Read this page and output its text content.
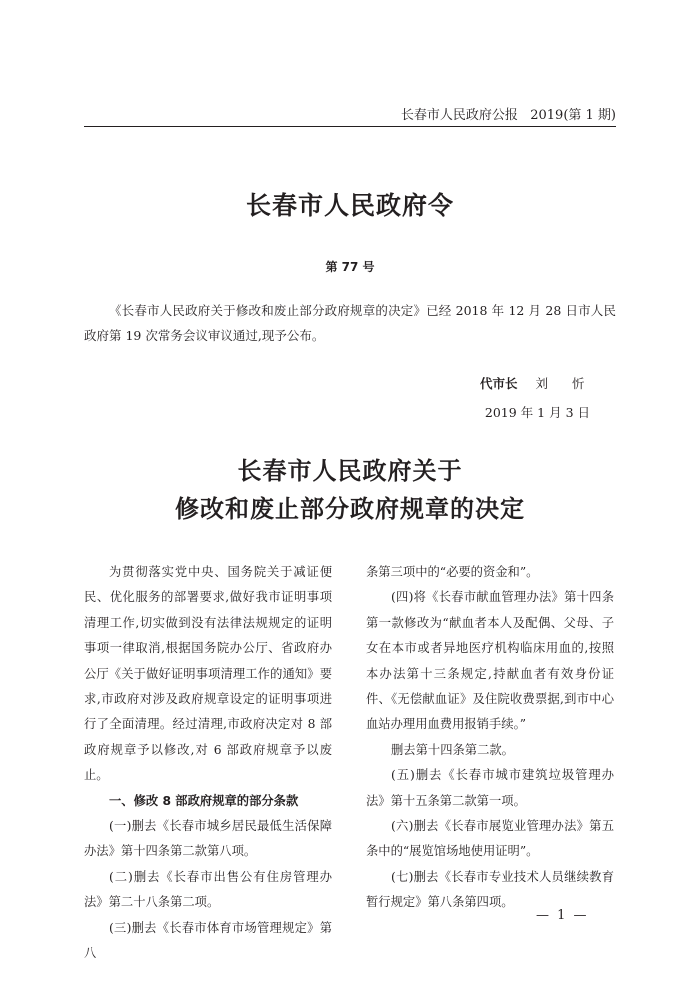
长春市人民政府公报 2019(第 1 期)
长春市人民政府令
第 77 号
《长春市人民政府关于修改和废止部分政府规章的决定》已经 2018 年 12 月 28 日市人民政府第 19 次常务会议审议通过,现予公布。
代市长 刘 忻
2019 年 1 月 3 日
长春市人民政府关于
修改和废止部分政府规章的决定

为贯彻落实党中央、国务院关于减证便民、优化服务的部署要求,做好我市证明事项清理工作,切实做到没有法律法规规定的证明事项一律取消,根据国务院办公厅、省政府办公厅《关于做好证明事项清理工作的通知》要求,市政府对涉及政府规章设定的证明事项进行了全面清理。经过清理,市政府决定对 8 部政府规章予以修改,对 6 部政府规章予以废止。

一、修改 8 部政府规章的部分条款

(一)删去《长春市城乡居民最低生活保障办法》第十四条第二款第八项。

(二)删去《长春市出售公有住房管理办法》第二十八条第二项。

(三)删去《长春市体育市场管理规定》第八

条第三项中的“必要的资金和”。

(四)将《长春市献血管理办法》第十四条第一款修改为“献血者本人及配偶、父母、子女在本市或者异地医疗机构临床用血的,按照本办法第十三条规定,持献血者有效身份证件、《无偿献血证》及住院收费票据,到市中心血站办理用血费用报销手续。”

删去第十四条第二款。

(五)删去《长春市城市建筑垃圾管理办法》第十五条第二款第一项。

(六)删去《长春市展览业管理办法》第五条中的“展览馆场地使用证明”。

(七)删去《长春市专业技术人员继续教育暂行规定》第八条第四项。

— 1 —
